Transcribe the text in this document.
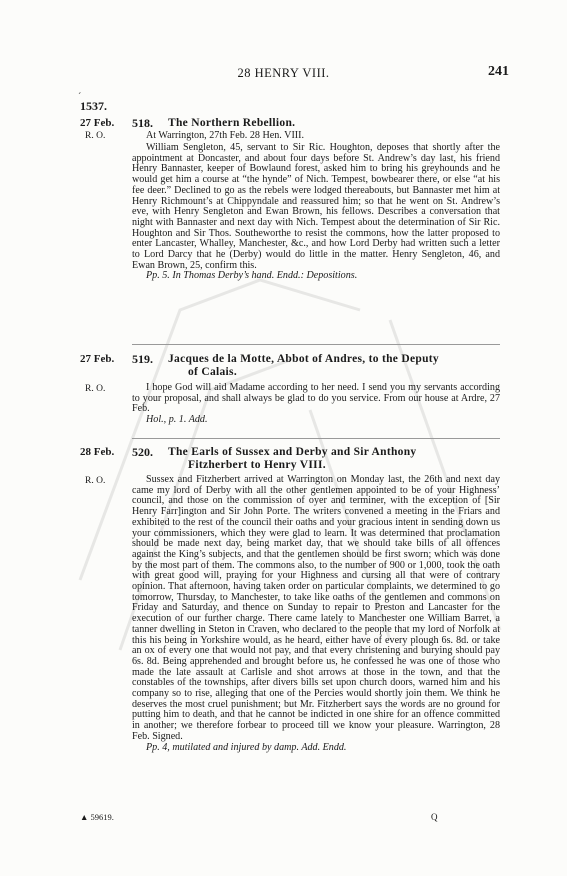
28 HENRY VIII.	241
´
1537.
27 Feb.
R. O.
518. The Northern Rebellion.
At Warrington, 27th Feb. 28 Hen. VIII.

William Sengleton, 45, servant to Sir Ric. Houghton, deposes that shortly after the appointment at Doncaster, and about four days before St. Andrew’s day last, his friend Henry Bannaster, keeper of Bowlaund forest, asked him to bring his greyhounds and he would get him a course at “the hynde” of Nich. Tempest, bowbearer there, or else “at his fee deer.” Declined to go as the rebels were lodged thereabouts, but Bannaster met him at Henry Richmount’s at Chippyndale and reassured him; so that he went on St. Andrew’s eve, with Henry Sengleton and Ewan Brown, his fellows. Describes a conversation that night with Bannaster and next day with Nich. Tempest about the determination of Sir Ric. Houghton and Sir Thos. Southeworthe to resist the commons, how the latter proposed to enter Lancaster, Whalley, Manchester, &c., and how Lord Derby had written such a letter to Lord Darcy that he (Derby) would do little in the matter. Henry Sengleton, 46, and Ewan Brown, 25, confirm this.

Pp. 5. In Thomas Derby’s hand. Endd.: Depositions.

27 Feb. 519. Jacques de la Motte, Abbot of Andres, to the Deputy
of Calais.
R. O.	I hope God will aid Madame according to her need. I send you my servants according to your proposal, and shall always be glad to do you service. From our house at Ardre, 27 Feb.

Hol., p. 1. Add.

28 Feb. 520. The Earls of Sussex and Derby and Sir Anthony
Fitzherbert to Henry VIII.
R. O.	Sussex and Fitzherbert arrived at Warrington on Monday last, the 26th and next day came my lord of Derby with all the other gentlemen appointed to be of your Highness’ council, and those on the commission of oyer and terminer, with the exception of [Sir Henry Farr]ington and Sir John Porte. The writers convened a meeting in the Friars and exhibited to the rest of the council their oaths and your gracious intent in sending down us your commissioners, which they were glad to learn. It was determined that proclamation should be made next day, being market day, that we should take bills of all offences against the King’s subjects, and that the gentlemen should be first sworn; which was done by the most part of them. The commons also, to the number of 900 or 1,000, took the oath with great good will, praying for your Highness and cursing all that were of contrary opinion. That afternoon, having taken order on particular complaints, we determined to go tomorrow, Thursday, to Manchester, to take like oaths of the gentlemen and commons on Friday and Saturday, and thence on Sunday to repair to Preston and Lancaster for the execution of our further charge. There came lately to Manchester one William Barret, a tanner dwelling in Steton in Craven, who declared to the people that my lord of Norfolk at this his being in Yorkshire would, as he heard, either have of every plough 6s. 8d. or take an ox of every one that would not pay, and that every christening and burying should pay 6s. 8d. Being apprehended and brought before us, he confessed he was one of those who made the late assault at Carlisle and shot arrows at those in the town, and that the constables of the townships, after divers bills set upon church doors, warned him and his company so to rise, alleging that one of the Percies would shortly join them. We think he deserves the most cruel punishment; but Mr. Fitzherbert says the words are no ground for putting him to death, and that he cannot be indicted in one shire for an offence committed in another; we therefore forbear to proceed till we know your pleasure. Warrington, 28 Feb. Signed.

Pp. 4, mutilated and injured by damp. Add. Endd.

▲ 59619.	Q
